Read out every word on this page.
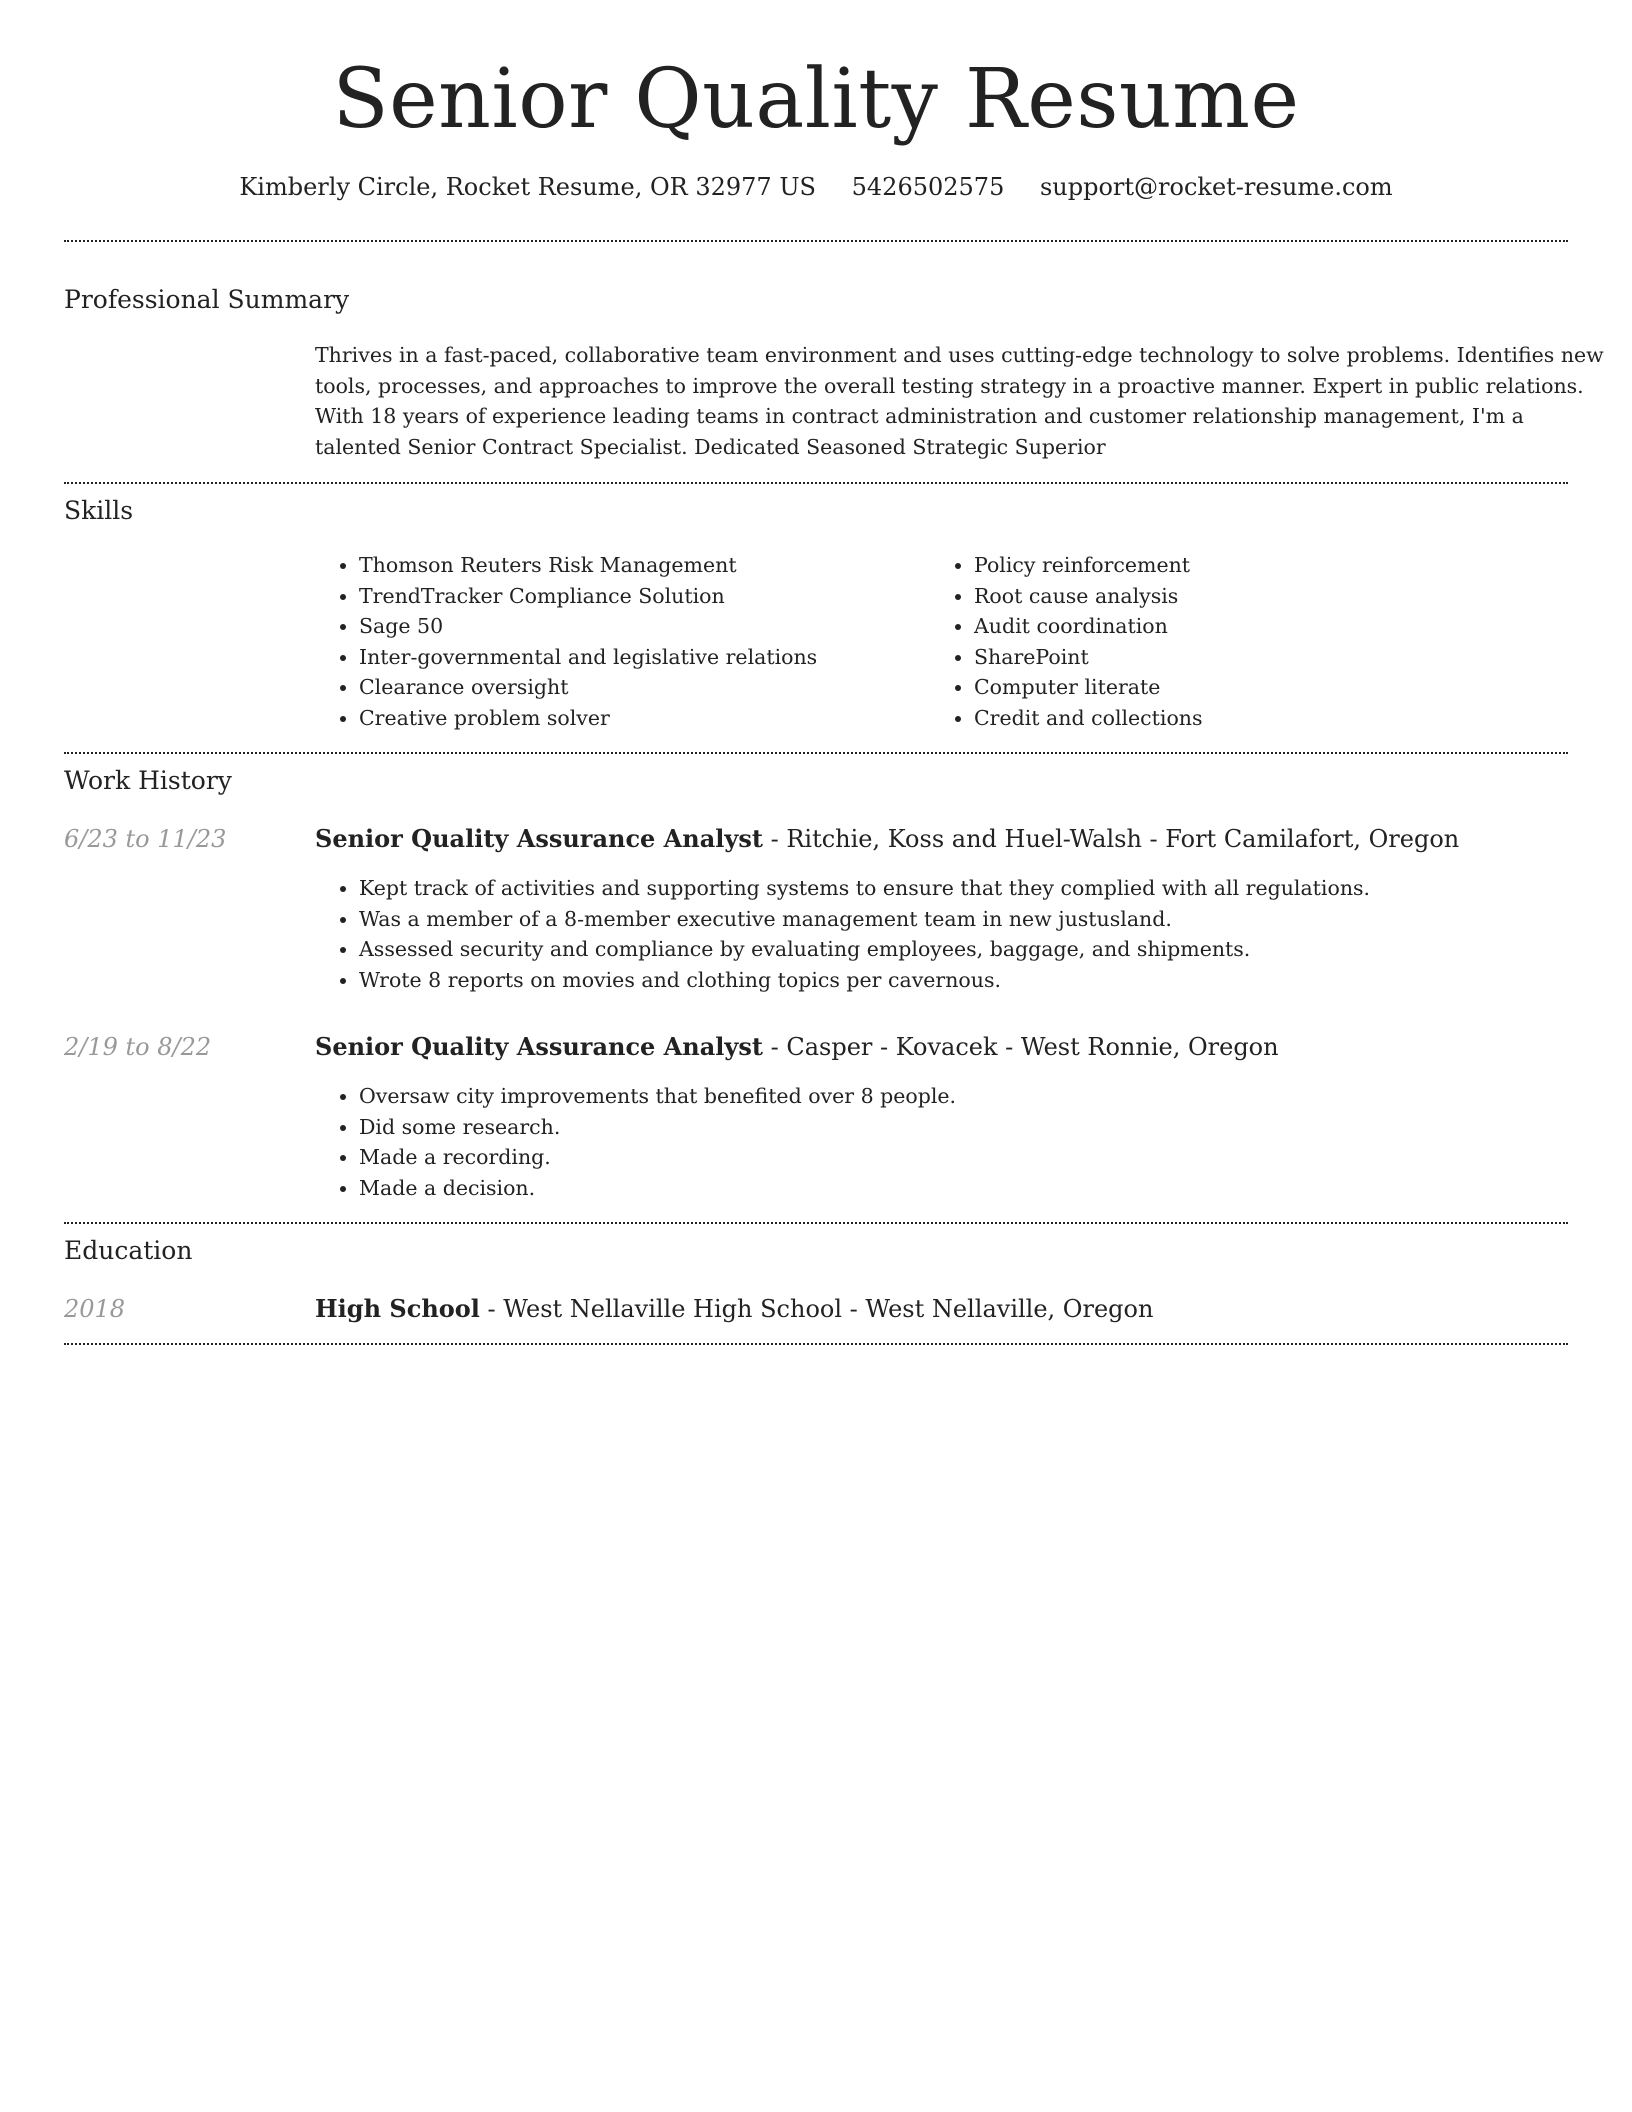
Senior Quality Resume
Kimberly Circle, Rocket Resume, OR 32977 US 5426502575 support@rocket-resume.com
Professional Summary
Thrives in a fast-paced, collaborative team environment and uses cutting-edge technology to solve problems. Identifies new tools, processes, and approaches to improve the overall testing strategy in a proactive manner. Expert in public relations. With 18 years of experience leading teams in contract administration and customer relationship management, I'm a talented Senior Contract Specialist. Dedicated Seasoned Strategic Superior
Skills
• Thomson Reuters Risk Management
• TrendTracker Compliance Solution
• Sage 50
• Inter-governmental and legislative relations
• Clearance oversight
• Creative problem solver
• Policy reinforcement
• Root cause analysis
• Audit coordination
• SharePoint
• Computer literate
• Credit and collections
Work History
6/23 to 11/23	Senior Quality Assurance Analyst - Ritchie, Koss and Huel-Walsh - Fort Camilafort, Oregon
• Kept track of activities and supporting systems to ensure that they complied with all regulations.
• Was a member of a 8-member executive management team in new justusland.
• Assessed security and compliance by evaluating employees, baggage, and shipments.
• Wrote 8 reports on movies and clothing topics per cavernous.
2/19 to 8/22	Senior Quality Assurance Analyst - Casper - Kovacek - West Ronnie, Oregon
• Oversaw city improvements that benefited over 8 people.
• Did some research.
• Made a recording.
• Made a decision.
Education
2018	High School - West Nellaville High School - West Nellaville, Oregon
